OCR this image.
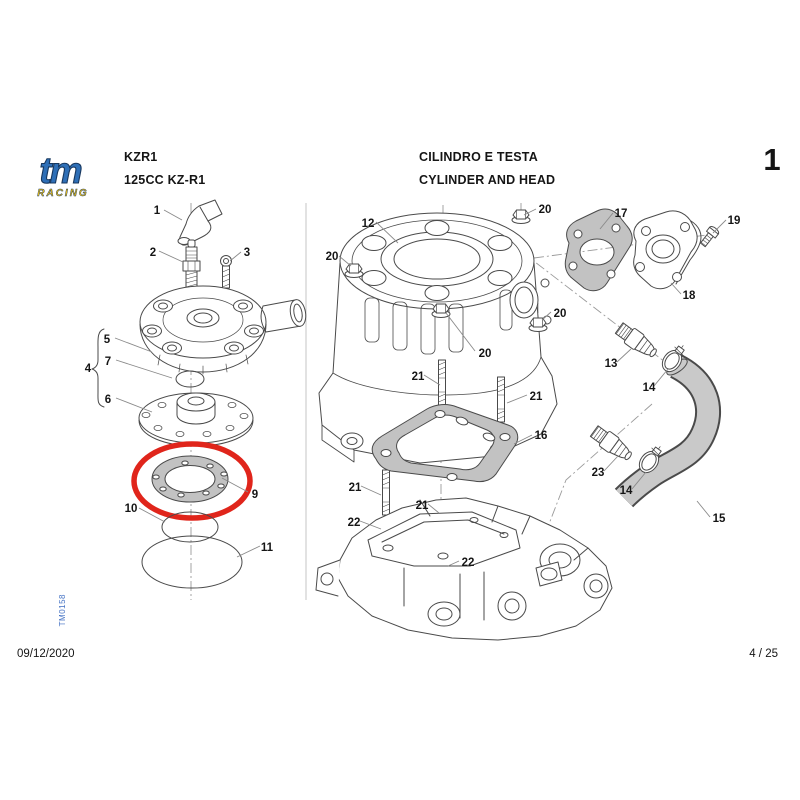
tm
RACING
KZR1
125CC KZ-R1
CILINDRO E TESTA
CYLINDER AND HEAD
1
1
2	3
4
5
7
6
9
10
11
12
20
20
20
20
21
21
21
21
16
22
22
17
18
19
13
14
23
14
15
TM0158
09/12/2020	4 / 25
